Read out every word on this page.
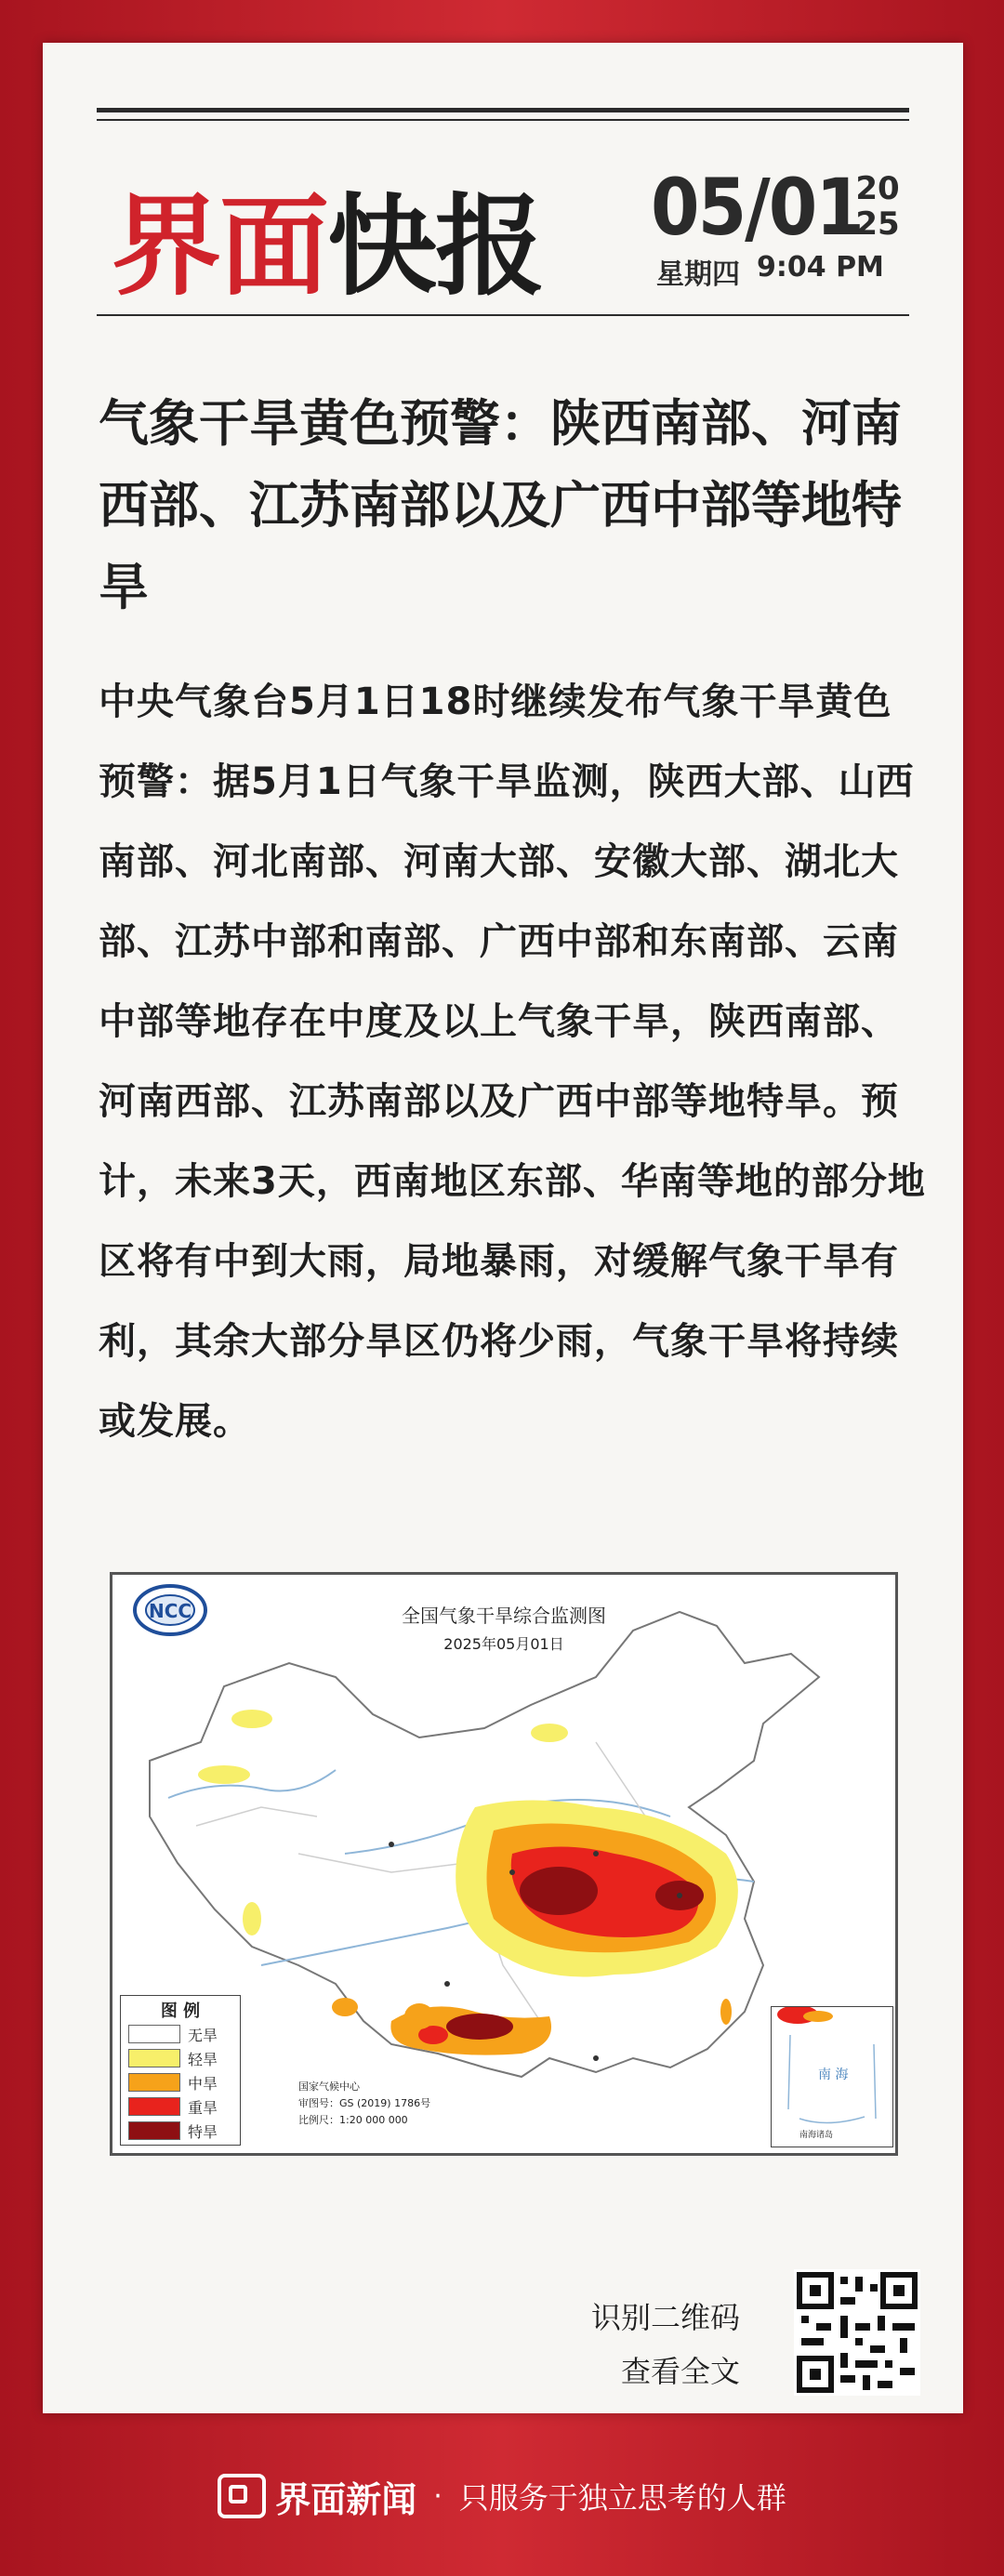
界面快报 05/01
20
25
星期四 9:04 PM
气象干旱黄色预警：陕西南部、河南西部、江苏南部以及广西中部等地特旱
中央气象台5月1日18时继续发布气象干旱黄色预警：据5月1日气象干旱监测，陕西大部、山西南部、河北南部、河南大部、安徽大部、湖北大部、江苏中部和南部、广西中部和东南部、云南中部等地存在中度及以上气象干旱，陕西南部、河南西部、江苏南部以及广西中部等地特旱。预计，未来3天，西南地区东部、华南等地的部分地区将有中到大雨，局地暴雨，对缓解气象干旱有利，其余大部分旱区仍将少雨，气象干旱将持续或发展。
NCC	全国气象干旱综合监测图
2025年05月01日
图 例
无旱
轻旱
中旱
重旱
特旱
国家气候中心
审图号：GS (2019) 1786号
比例尺：1:20 000 000
南 海
南海诸岛
识别二维码
查看全文
界面新闻 · 只服务于独立思考的人群
